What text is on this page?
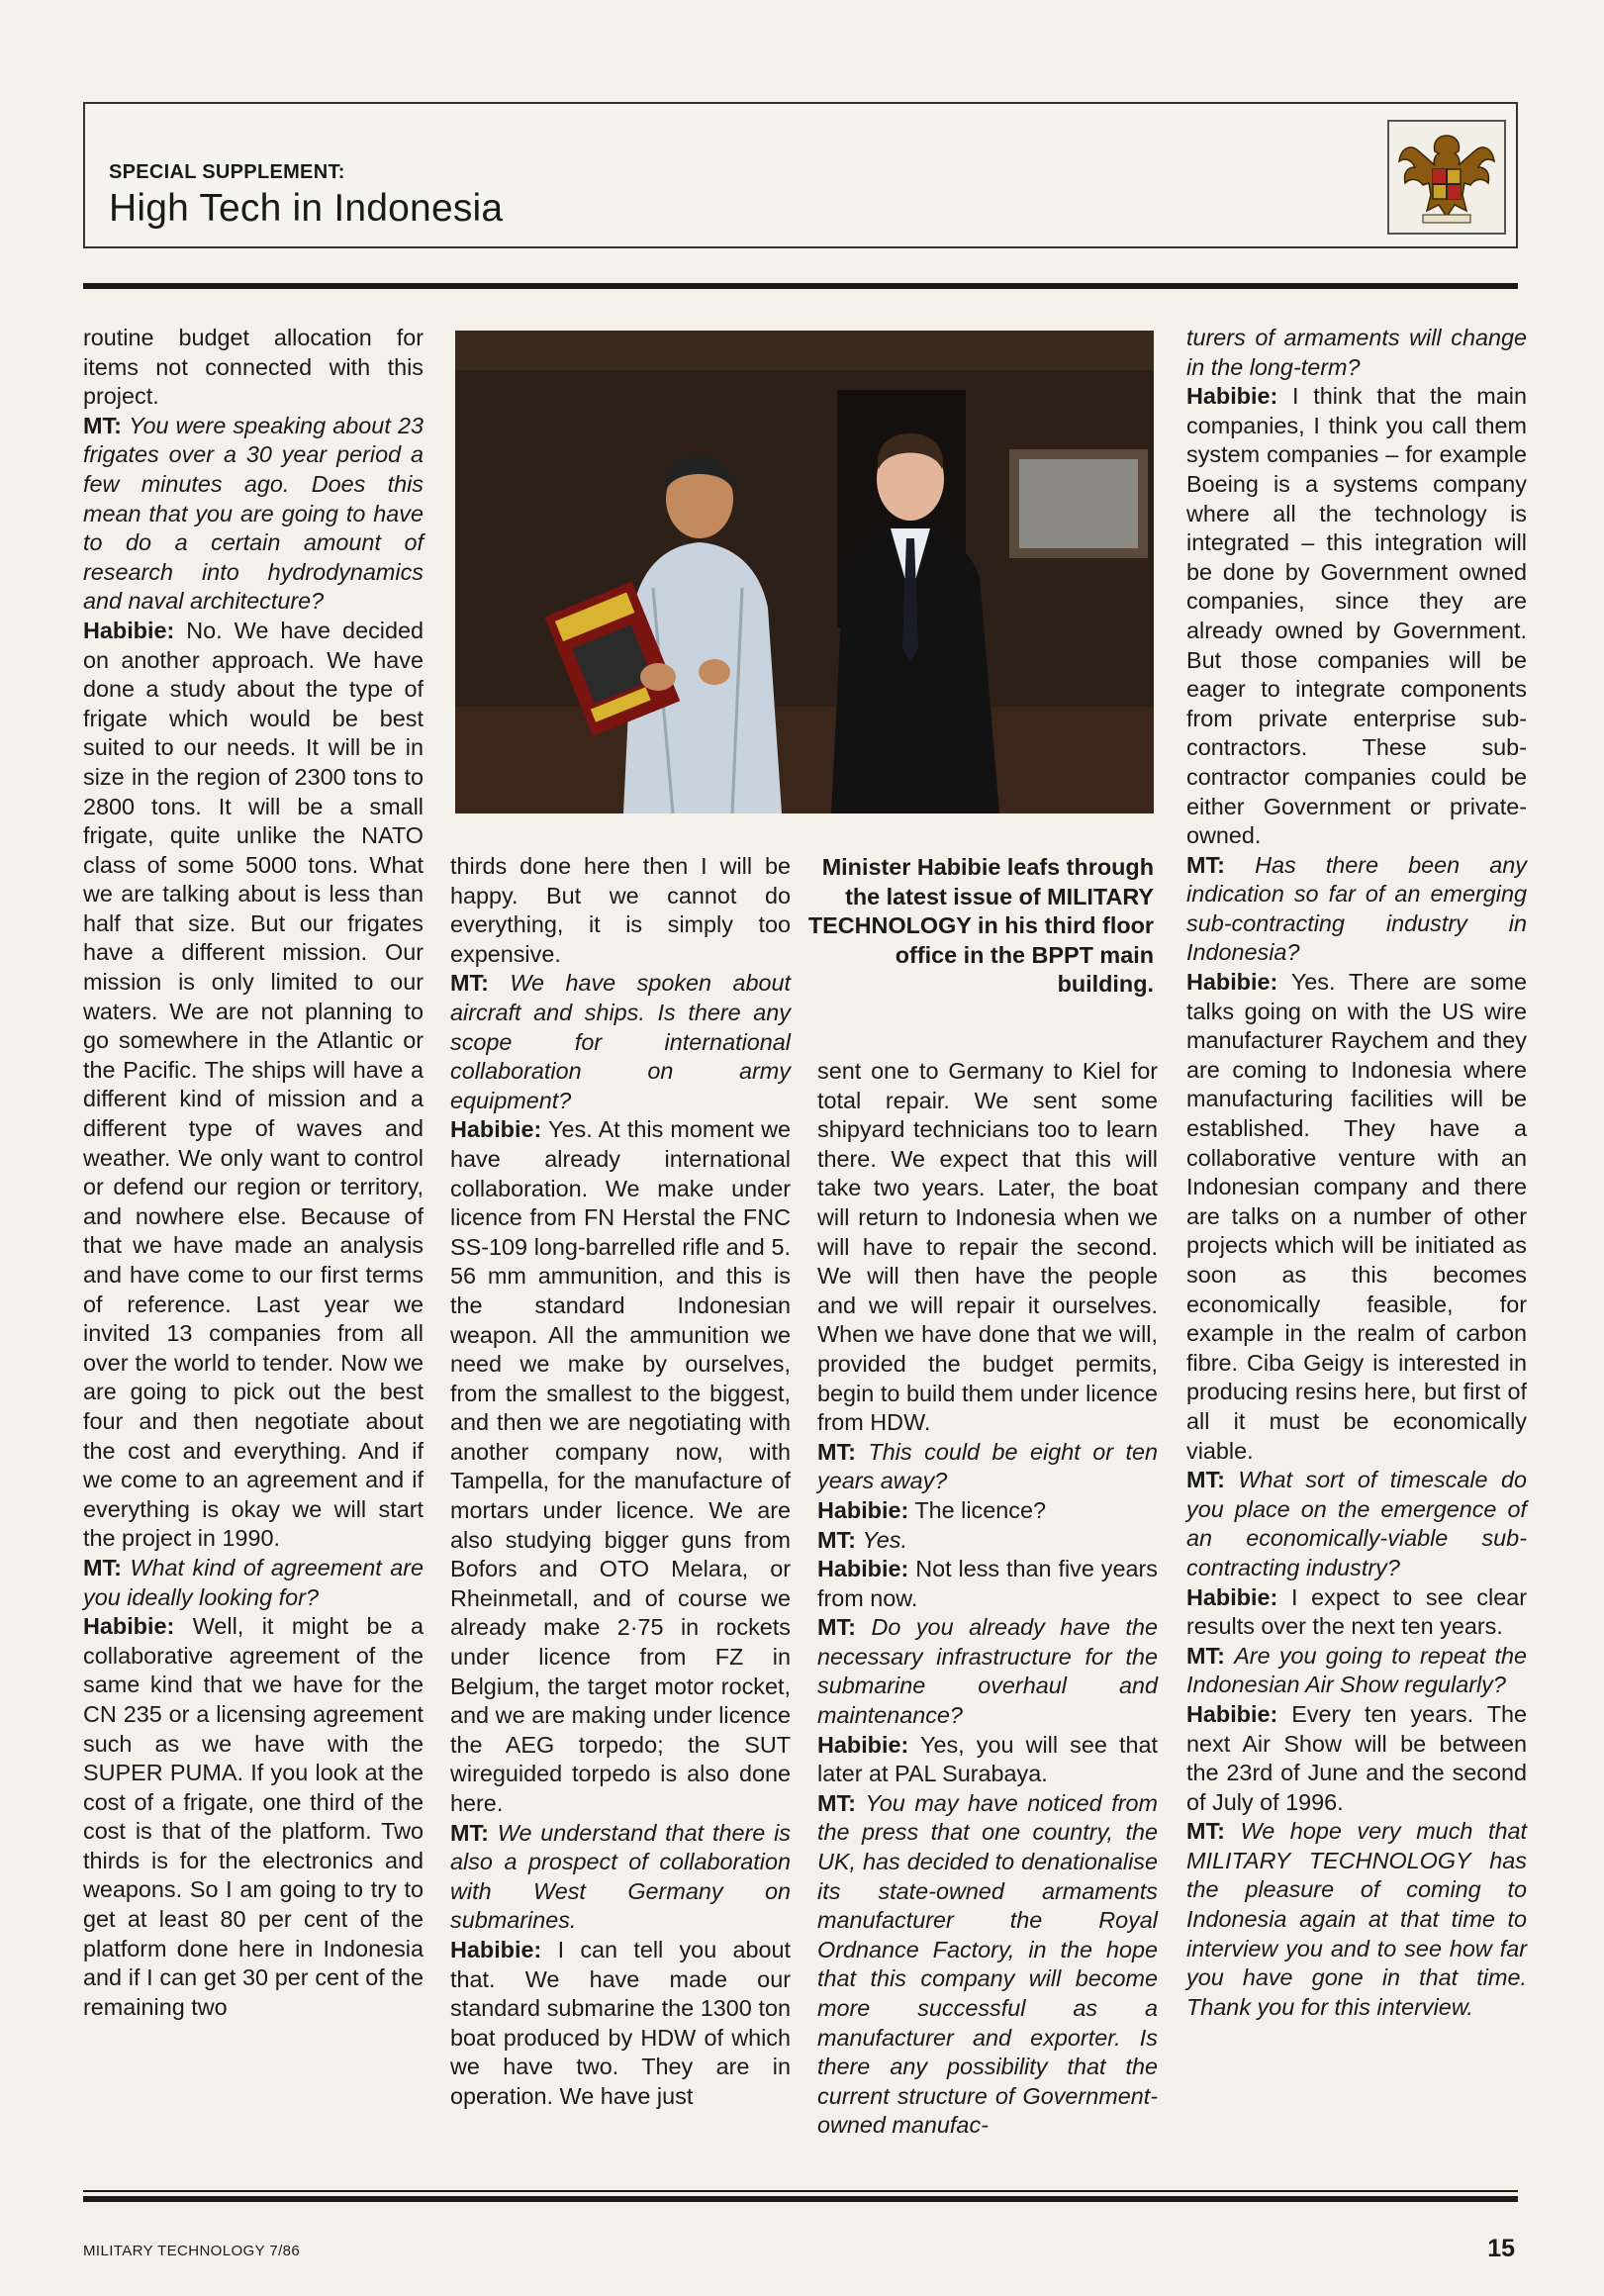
SPECIAL SUPPLEMENT:
High Tech in Indonesia

routine budget allocation for items not connected with this project.

MT: You were speaking about 23 frigates over a 30 year period a few minutes ago. Does this mean that you are going to have to do a certain amount of research into hydrodynamics and naval architecture?

Habibie: No. We have decided on another approach. We have done a study about the type of frigate which would be best suited to our needs. It will be in size in the region of 2300 tons to 2800 tons. It will be a small frigate, quite unlike the NATO class of some 5000 tons. What we are talking about is less than half that size. But our frigates have a different mission. Our mission is only limited to our waters. We are not planning to go somewhere in the Atlantic or the Pacific. The ships will have a different kind of mission and a different type of waves and weather. We only want to control or defend our region or territory, and nowhere else. Because of that we have made an analysis and have come to our first terms of reference. Last year we invited 13 companies from all over the world to tender. Now we are going to pick out the best four and then negotiate about the cost and everything. And if we come to an agreement and if everything is okay we will start the project in 1990.

MT: What kind of agreement are you ideally looking for?

Habibie: Well, it might be a collaborative agreement of the same kind that we have for the CN 235 or a licensing agreement such as we have with the SUPER PUMA. If you look at the cost of a frigate, one third of the cost is that of the platform. Two thirds is for the electronics and weapons. So I am going to try to get at least 80 per cent of the platform done here in Indonesia and if I can get 30 per cent of the remaining two

thirds done here then I will be happy. But we cannot do everything, it is simply too expensive.

MT: We have spoken about aircraft and ships. Is there any scope for international collaboration on army equipment?

Habibie: Yes. At this moment we have already international collaboration. We make under licence from FN Herstal the FNC SS-109 long-barrelled rifle and 5. 56 mm ammunition, and this is the standard Indonesian weapon. All the ammunition we need we make by ourselves, from the smallest to the biggest, and then we are negotiating with another company now, with Tampella, for the manufacture of mortars under licence. We are also studying bigger guns from Bofors and OTO Melara, or Rheinmetall, and of course we already make 2·75 in rockets under licence from FZ in Belgium, the target motor rocket, and we are making under licence the AEG torpedo; the SUT wireguided torpedo is also done here.

MT: We understand that there is also a prospect of collaboration with West Germany on submarines.

Habibie: I can tell you about that. We have made our standard submarine the 1300 ton boat produced by HDW of which we have two. They are in operation. We have just

sent one to Germany to Kiel for total repair. We sent some shipyard technicians too to learn there. We expect that this will take two years. Later, the boat will return to Indonesia when we will have to repair the second. We will then have the people and we will repair it ourselves. When we have done that we will, provided the budget permits, begin to build them under licence from HDW.

MT: This could be eight or ten years away?

Habibie: The licence?

MT: Yes.

Habibie: Not less than five years from now.

MT: Do you already have the necessary infrastructure for the submarine overhaul and maintenance?

Habibie: Yes, you will see that later at PAL Surabaya.

MT: You may have noticed from the press that one country, the UK, has decided to denationalise its state-owned armaments manufacturer the Royal Ordnance Factory, in the hope that this company will become more successful as a manufacturer and exporter. Is there any possibility that the current structure of Government-owned manufac-

turers of armaments will change in the long-term?

Habibie: I think that the main companies, I think you call them system companies – for example Boeing is a systems company where all the technology is integrated – this integration will be done by Government owned companies, since they are already owned by Government. But those companies will be eager to integrate components from private enterprise sub-contractors. These sub-contractor companies could be either Government or private-owned.

MT: Has there been any indication so far of an emerging sub-contracting industry in Indonesia?

Habibie: Yes. There are some talks going on with the US wire manufacturer Raychem and they are coming to Indonesia where manufacturing facilities will be established. They have a collaborative venture with an Indonesian company and there are talks on a number of other projects which will be initiated as soon as this becomes economically feasible, for example in the realm of carbon fibre. Ciba Geigy is interested in producing resins here, but first of all it must be economically viable.

MT: What sort of timescale do you place on the emergence of an economically-viable sub-contracting industry?

Habibie: I expect to see clear results over the next ten years.

MT: Are you going to repeat the Indonesian Air Show regularly?

Habibie: Every ten years. The next Air Show will be between the 23rd of June and the second of July of 1996.

MT: We hope very much that MILITARY TECHNOLOGY has the pleasure of coming to Indonesia again at that time to interview you and to see how far you have gone in that time. Thank you for this interview.

Minister Habibie leafs through the latest issue of MILITARY TECHNOLOGY in his third floor office in the BPPT main building.
MILITARY TECHNOLOGY 7/86	15
